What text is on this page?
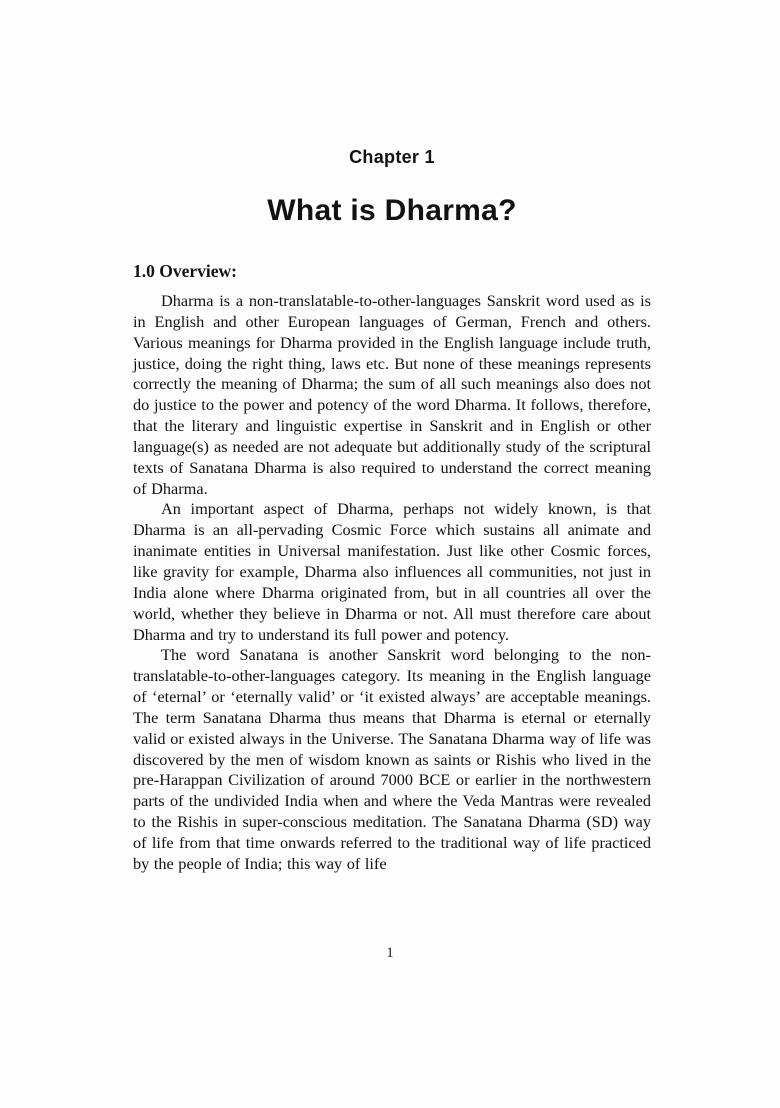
Chapter 1
What is Dharma?
1.0 Overview:

Dharma is a non-translatable-to-other-languages Sanskrit word used as is in English and other European languages of German, French and others. Various meanings for Dharma provided in the English language include truth, justice, doing the right thing, laws etc. But none of these meanings represents correctly the meaning of Dharma; the sum of all such meanings also does not do justice to the power and potency of the word Dharma. It follows, therefore, that the literary and linguistic expertise in Sanskrit and in English or other language(s) as needed are not adequate but additionally study of the scriptural texts of Sanatana Dharma is also required to understand the correct meaning of Dharma.

An important aspect of Dharma, perhaps not widely known, is that Dharma is an all-pervading Cosmic Force which sustains all animate and inanimate entities in Universal manifestation. Just like other Cosmic forces, like gravity for example, Dharma also influences all communities, not just in India alone where Dharma originated from, but in all countries all over the world, whether they believe in Dharma or not. All must therefore care about Dharma and try to understand its full power and potency.

The word Sanatana is another Sanskrit word belonging to the non-translatable-to-other-languages category. Its meaning in the English language of ‘eternal’ or ‘eternally valid’ or ‘it existed always’ are acceptable meanings. The term Sanatana Dharma thus means that Dharma is eternal or eternally valid or existed always in the Universe. The Sanatana Dharma way of life was discovered by the men of wisdom known as saints or Rishis who lived in the pre-Harappan Civilization of around 7000 BCE or earlier in the northwestern parts of the undivided India when and where the Veda Mantras were revealed to the Rishis in super-conscious meditation. The Sanatana Dharma (SD) way of life from that time onwards referred to the traditional way of life practiced by the people of India; this way of life

1
